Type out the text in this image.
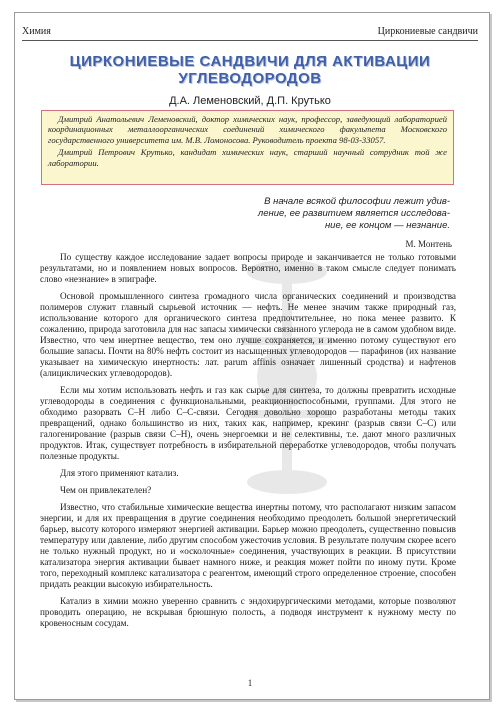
Химия	Циркониевые сандвичи
ЦИРКОНИЕВЫЕ САНДВИЧИ ДЛЯ АКТИВАЦИИ
УГЛЕВОДОРОДОВ
Д.А. Леменовский, Д.П. Крутько

Дмитрий Анатольевич Леменовский, доктор химических наук, профессор, заведующий лабораторией координационных металлоорганических соединений химического факультета Московского государственного университета им. М.В. Ломоносова. Руководитель проекта 98-03-33057.

Дмитрий Петрович Крутько, кандидат химических наук, старший научный сотрудник той же лаборатории.

В начале всякой философии лежит удив-
ление, ее развитием является исследова-
ние, ее концом — незнание.
М. Монтень

По существу каждое исследование задает вопросы природе и заканчивается не только готовыми результатами, но и появлением новых вопросов. Вероятно, именно в таком смысле следует понимать слово «незнание» в эпиграфе.

Основой промышленного синтеза громадного числа органических соединений и производства полимеров служит главный сырьевой источник — нефть. Не менее значим также природный газ, использование которого для органического синтеза предпочтительнее, но пока менее развито. К сожалению, природа заготовила для нас запасы химически связанного углерода не в самом удобном виде. Известно, что чем инертнее вещество, тем оно лучше сохраняется, и именно потому существуют его большие запасы. Почти на 80% нефть состоит из насыщенных углеводородов — парафинов (их название указывает на химическую инертность: лат. parum affinis означает лишенный сродства) и нафтенов (алициклических углеводородов).

Если мы хотим использовать нефть и газ как сырье для синтеза, то должны превратить исходные углеводороды в соединения с функциональными, реакционноспособными, группами. Для этого не обходимо разорвать C–H либо C–C-связи. Сегодня довольно хорошо разработаны методы таких превращений, однако большинство из них, таких как, например, крекинг (разрыв связи C–C) или галогенирование (разрыв связи C–H), очень энергоемки и не селективны, т.е. дают много различных продуктов. Итак, существует потребность в избирательной переработке углеводородов, чтобы получать полезные продукты.

Для этого применяют катализ.

Чем он привлекателен?

Известно, что стабильные химические вещества инертны потому, что располагают низким запасом энергии, и для их превращения в другие соединения необходимо преодолеть большой энергетический барьер, высоту которого измеряют энергией активации. Барьер можно преодолеть, существенно повысив температуру или давление, либо другим способом ужесточив условия. В результате получим скорее всего не только нужный продукт, но и «осколочные» соединения, участвующих в реакции. В присутствии катализатора энергия активации бывает намного ниже, и реакция может пойти по иному пути. Кроме того, переходный комплекс катализатора с реагентом, имеющий строго определенное строение, способен придать реакции высокую избирательность.

Катализ в химии можно уверенно сравнить с эндохирургическими методами, которые позволяют проводить операцию, не вскрывая брюшную полость, а подводя инструмент к нужному месту по кровеносным сосудам.

1
